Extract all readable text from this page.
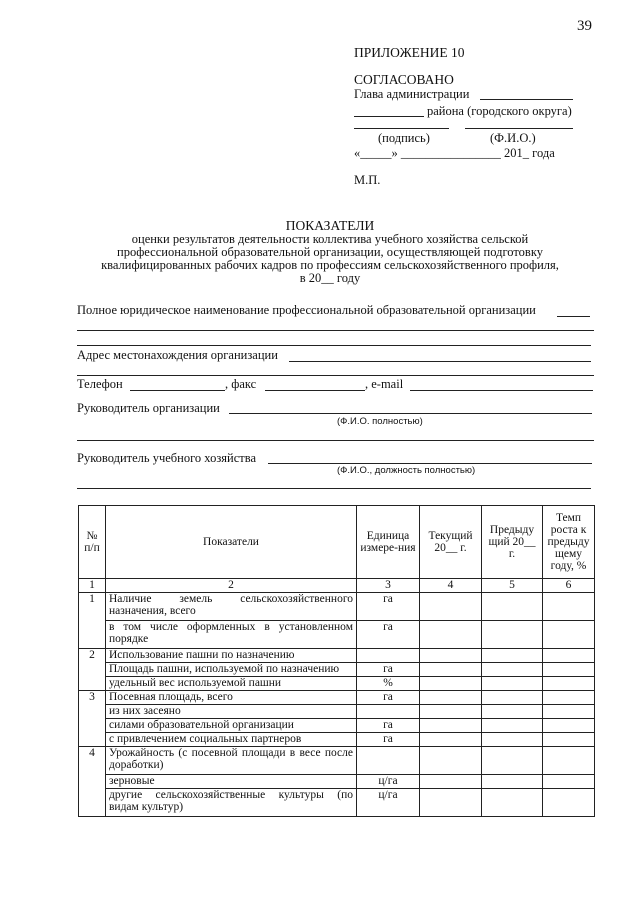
39
ПРИЛОЖЕНИЕ 10
СОГЛАСОВАНО
Глава администрации
района (городского округа)
(подпись)	(Ф.И.О.)
«_____» ________________ 201_ года
М.П.
ПОКАЗАТЕЛИ
оценки результатов деятельности коллектива учебного хозяйства сельской
профессиональной образовательной организации, осуществляющей подготовку
квалифицированных рабочих кадров по профессиям сельскохозяйственного профиля,
в 20__ году
Полное юридическое наименование профессиональной образовательной организации
Адрес местонахождения организации
Телефон	, факс	, e-mail
Руководитель организации
(Ф.И.О. полностью)
Руководитель учебного хозяйства
(Ф.И.О., должность полностью)
№ п/п	Показатели	Единица измере-ния	Текущий 20__ г.	Предыду щий 20__ г.	Темп роста к предыду щему году, %
1	2	3	4	5	6
1	Наличие земель сельскохозяйственного назначения, всего	га			
	в том числе оформленных в установленном порядке	га			
2	Использование пашни по назначению				
	Площадь пашни, используемой по назначению	га			
	удельный вес используемой пашни	%			
3	Посевная площадь, всего	га			
	из них засеяно				
	силами образовательной организации	га			
	с привлечением социальных партнеров	га			
4	Урожайность (с посевной площади в весе после доработки)				
	зерновые	ц/га			
	другие сельскохозяйственные культуры (по видам культур)	ц/га			
